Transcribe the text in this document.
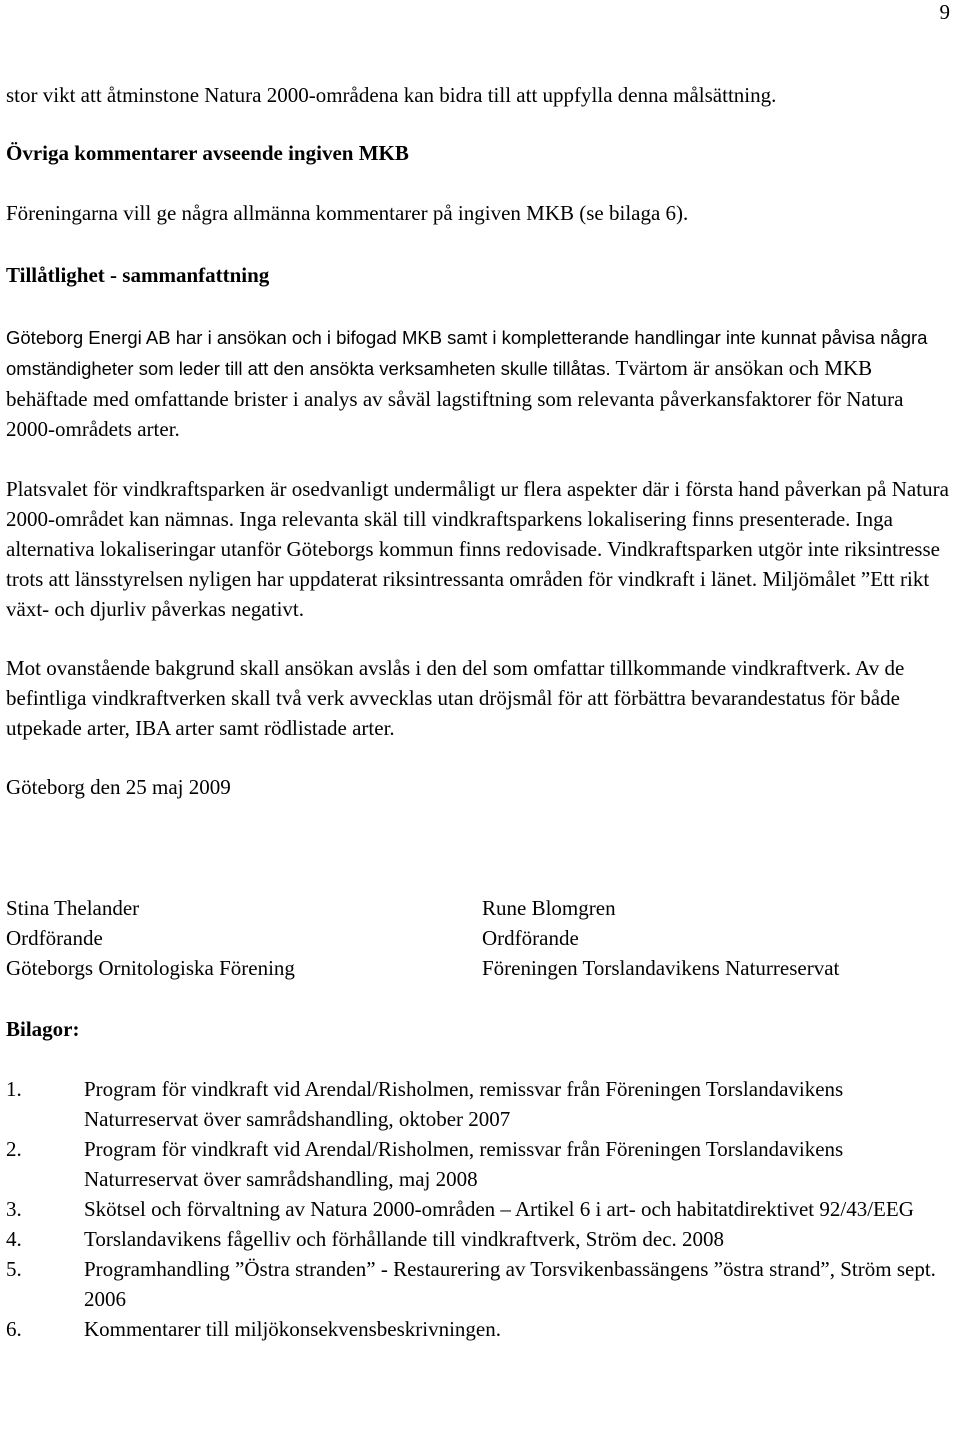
9

stor vikt att åtminstone Natura 2000-områdena kan bidra till att uppfylla denna målsättning.

Övriga kommentarer avseende ingiven MKB

Föreningarna vill ge några allmänna kommentarer på ingiven MKB (se bilaga 6).

Tillåtlighet - sammanfattning

Göteborg Energi AB har i ansökan och i bifogad MKB samt i kompletterande handlingar inte kunnat påvisa några omständigheter som leder till att den ansökta verksamheten skulle tillåtas. Tvärtom är ansökan och MKB behäftade med omfattande brister i analys av såväl lagstiftning som relevanta påverkansfaktorer för Natura 2000-områdets arter.

Platsvalet för vindkraftsparken är osedvanligt undermåligt ur flera aspekter där i första hand påverkan på Natura 2000-området kan nämnas. Inga relevanta skäl till vindkraftsparkens lokalisering finns presenterade. Inga alternativa lokaliseringar utanför Göteborgs kommun finns redovisade. Vindkraftsparken utgör inte riksintresse trots att länsstyrelsen nyligen har uppdaterat riksintressanta områden för vindkraft i länet. Miljömålet ”Ett rikt växt- och djurliv påverkas negativt.

Mot ovanstående bakgrund skall ansökan avslås i den del som omfattar tillkommande vindkraftverk. Av de befintliga vindkraftverken skall två verk avvecklas utan dröjsmål för att förbättra bevarandestatus för både utpekade arter, IBA arter samt rödlistade arter.

Göteborg den 25 maj 2009

Stina Thelander
Ordförande
Göteborgs Ornitologiska Förening
Rune Blomgren
Ordförande
Föreningen Torslandavikens Naturreservat

Bilagor:

1.	Program för vindkraft vid Arendal/Risholmen, remissvar från Föreningen Torslandavikens Naturreservat över samrådshandling, oktober 2007
2.	Program för vindkraft vid Arendal/Risholmen, remissvar från Föreningen Torslandavikens Naturreservat över samrådshandling, maj 2008
3.	Skötsel och förvaltning av Natura 2000-områden – Artikel 6 i art- och habitatdirektivet 92/43/EEG
4.	Torslandavikens fågelliv och förhållande till vindkraftverk, Ström dec. 2008
5.	Programhandling ”Östra stranden” - Restaurering av Torsvikenbassängens ”östra strand”, Ström sept. 2006
6.	Kommentarer till miljökonsekvensbeskrivningen.
